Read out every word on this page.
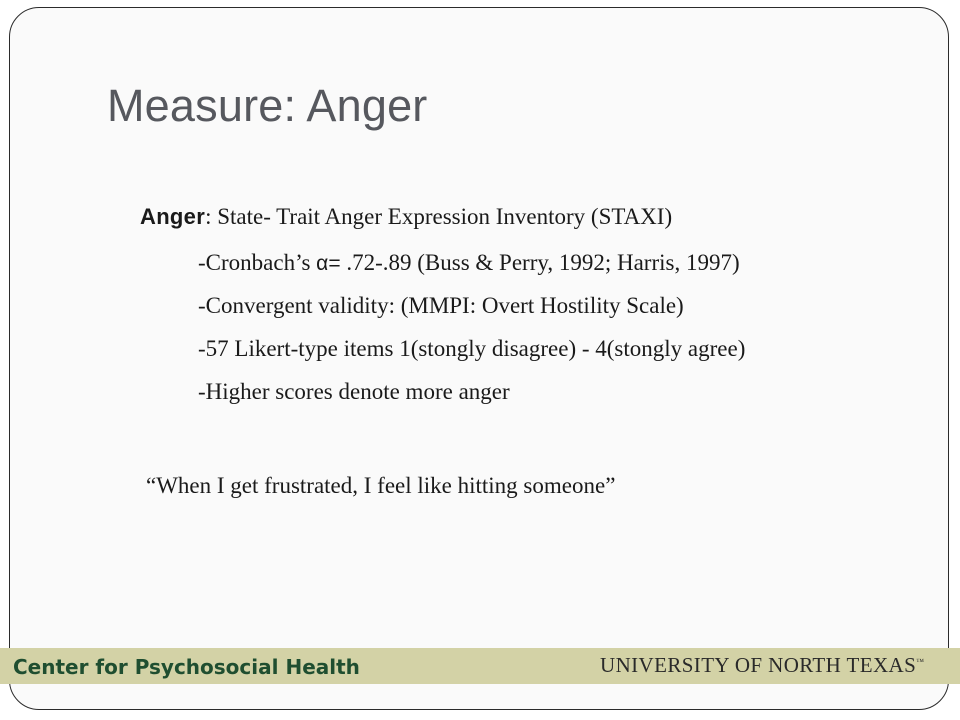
Measure: Anger
Anger: State- Trait Anger Expression Inventory (STAXI)
-Cronbach’s α= .72-.89 (Buss & Perry, 1992; Harris, 1997)
-Convergent validity: (MMPI: Overt Hostility Scale)
-57 Likert-type items 1(stongly disagree) - 4(stongly agree)
-Higher scores denote more anger
“When I get frustrated, I feel like hitting someone”
Center for Psychosocial Health	UNIVERSITY OF NORTH TEXAS™
